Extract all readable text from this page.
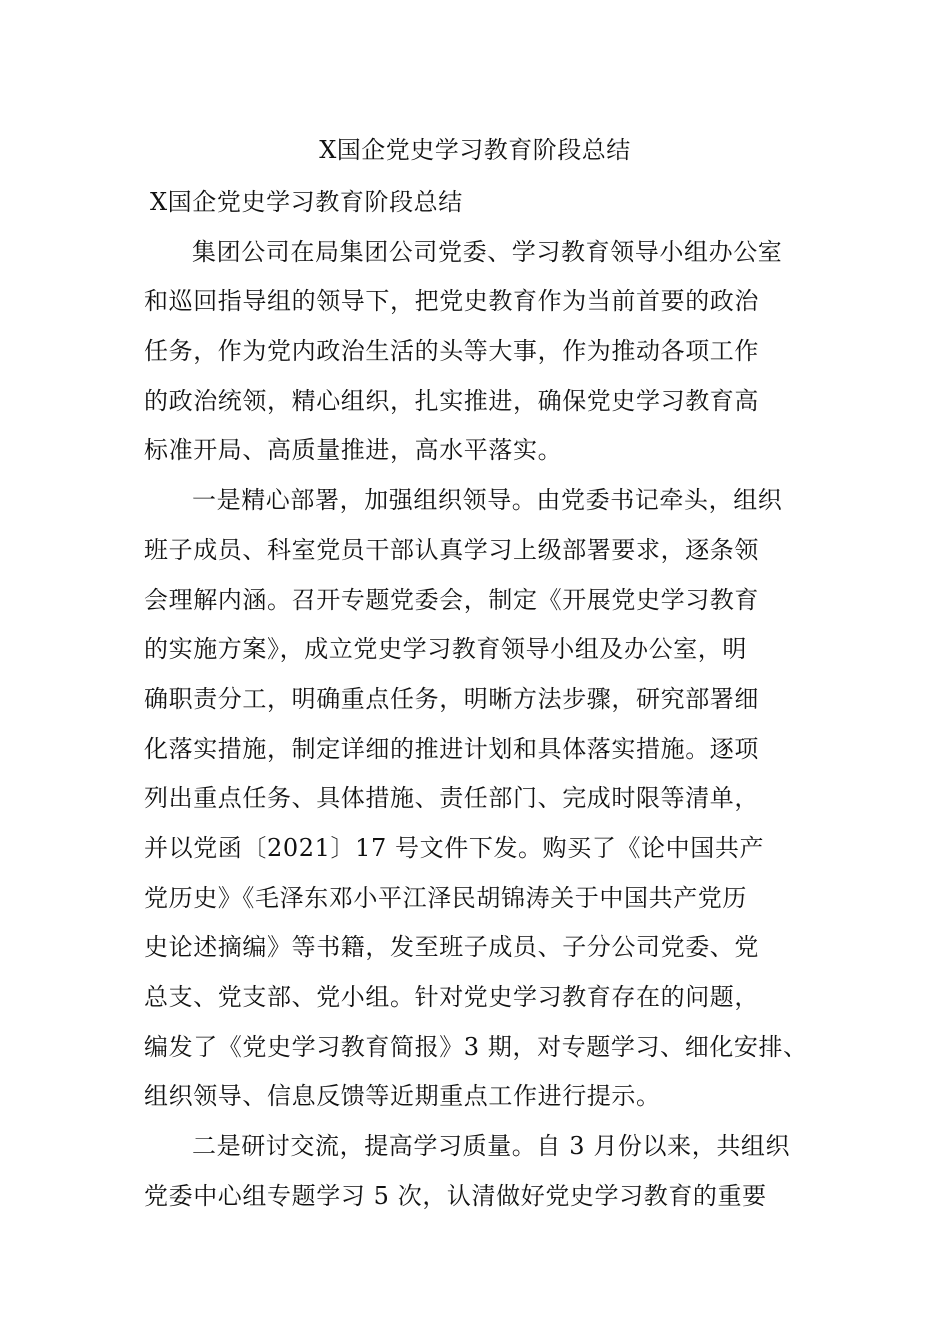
X国企党史学习教育阶段总结
X国企党史学习教育阶段总结
集团公司在局集团公司党委、学习教育领导小组办公室
和巡回指导组的领导下，把党史教育作为当前首要的政治
任务，作为党内政治生活的头等大事，作为推动各项工作
的政治统领，精心组织，扎实推进，确保党史学习教育高
标准开局、高质量推进，高水平落实。
一是精心部署，加强组织领导。由党委书记牵头，组织
班子成员、科室党员干部认真学习上级部署要求，逐条领
会理解内涵。召开专题党委会，制定《开展党史学习教育
的实施方案》，成立党史学习教育领导小组及办公室，明
确职责分工，明确重点任务，明晰方法步骤，研究部署细
化落实措施，制定详细的推进计划和具体落实措施。逐项
列出重点任务、具体措施、责任部门、完成时限等清单，
并以党函〔2021〕17 号文件下发。购买了《论中国共产
党历史》《毛泽东邓小平江泽民胡锦涛关于中国共产党历
史论述摘编》等书籍，发至班子成员、子分公司党委、党
总支、党支部、党小组。针对党史学习教育存在的问题，
编发了《党史学习教育简报》3 期，对专题学习、细化安排、
组织领导、信息反馈等近期重点工作进行提示。
二是研讨交流，提高学习质量。自 3 月份以来，共组织
党委中心组专题学习 5 次，认清做好党史学习教育的重要
